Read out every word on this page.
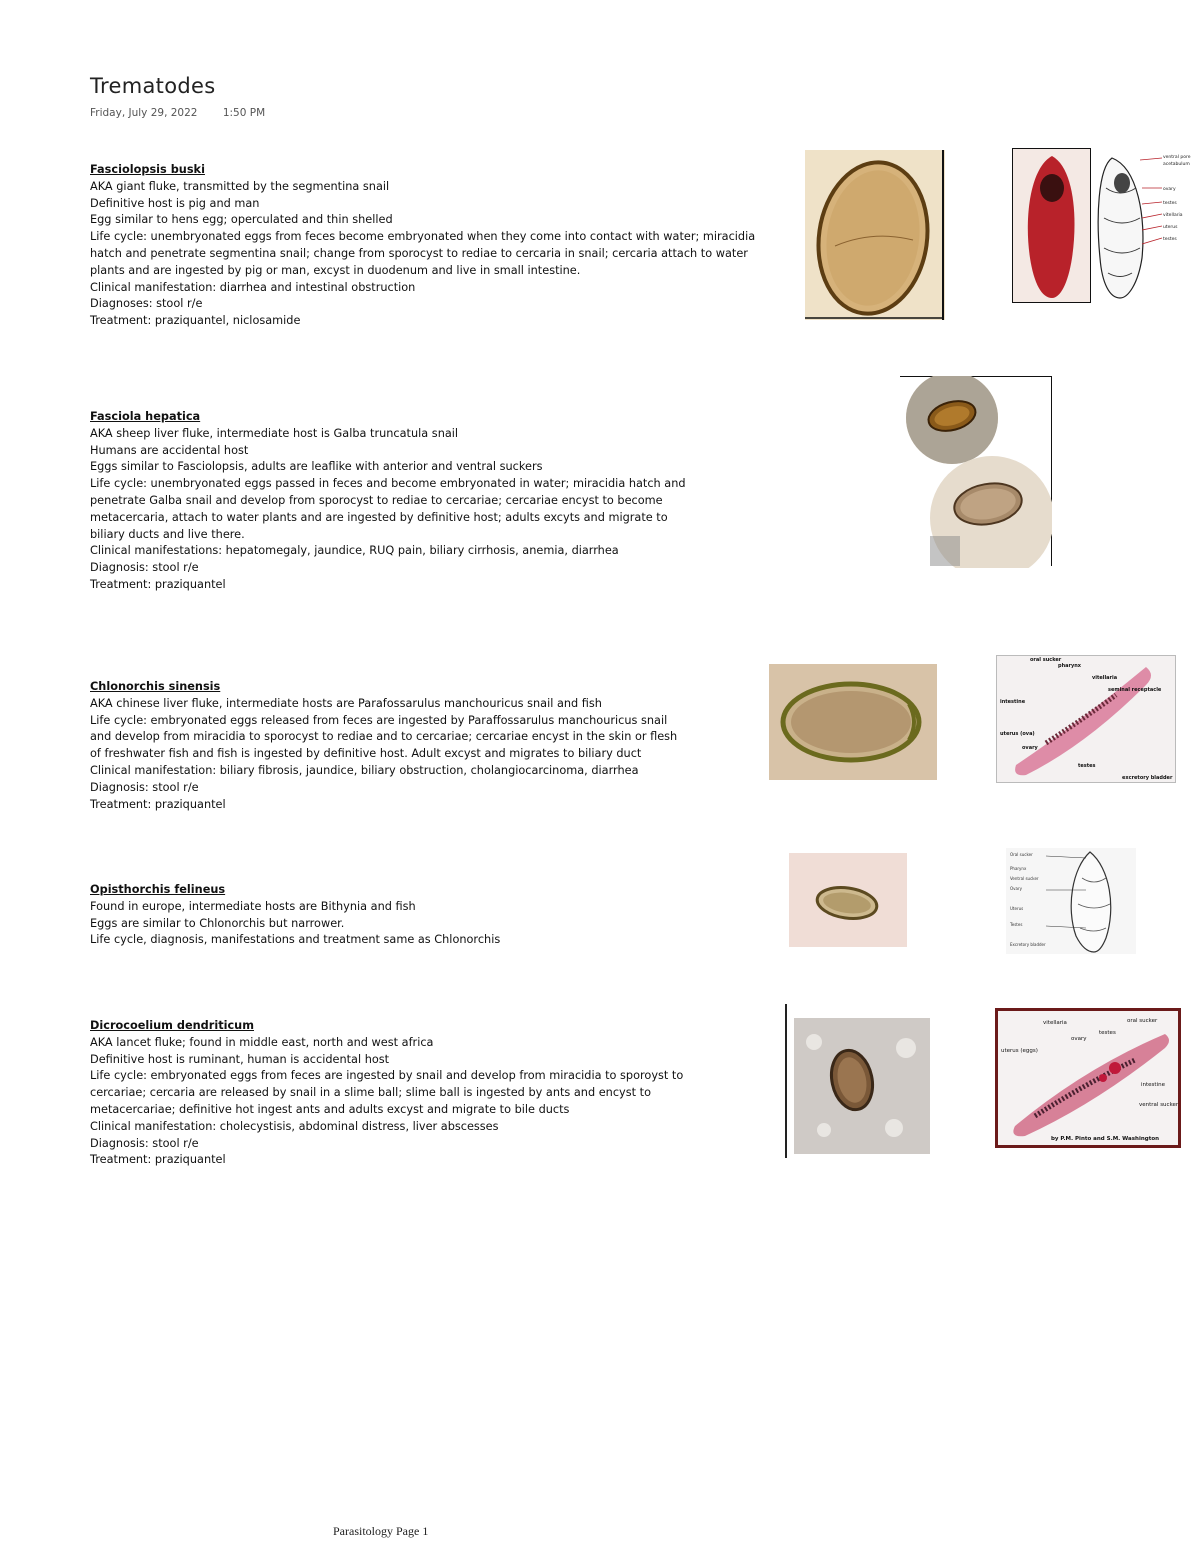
Trematodes
Friday, July 29, 2022 1:50 PM
Fasciolopsis buski
AKA giant fluke, transmitted by the segmentina snail
Definitive host is pig and man
Egg similar to hens egg; operculated and thin shelled
Life cycle: unembryonated eggs from feces become embryonated when they come into contact with water; miracidia hatch and penetrate segmentina snail; change from sporocyst to rediae to cercaria in snail; cercaria attach to water plants and are ingested by pig or man, excyst in duodenum and live in small intestine.
Clinical manifestation: diarrhea and intestinal obstruction
Diagnoses: stool r/e
Treatment: praziquantel, niclosamide
Fasciola hepatica
AKA sheep liver fluke, intermediate host is Galba truncatula snail
Humans are accidental host
Eggs similar to Fasciolopsis, adults are leaflike with anterior and ventral suckers
Life cycle: unembryonated eggs passed in feces and become embryonated in water; miracidia hatch and penetrate Galba snail and develop from sporocyst to rediae to cercariae; cercariae encyst to become metacercaria, attach to water plants and are ingested by definitive host; adults excyts and migrate to biliary ducts and live there.
Clinical manifestations: hepatomegaly, jaundice, RUQ pain, biliary cirrhosis, anemia, diarrhea
Diagnosis: stool r/e
Treatment: praziquantel
Chlonorchis sinensis
AKA chinese liver fluke, intermediate hosts are Parafossarulus manchouricus snail and fish
Life cycle: embryonated eggs released from feces are ingested by Paraffossarulus manchouricus snail and develop from miracidia to sporocyst to rediae and to cercariae; cercariae encyst in the skin or flesh of freshwater fish and fish is ingested by definitive host. Adult excyst and migrates to biliary duct
Clinical manifestation: biliary fibrosis, jaundice, biliary obstruction, cholangiocarcinoma, diarrhea
Diagnosis: stool r/e
Treatment: praziquantel
Opisthorchis felineus
Found in europe, intermediate hosts are Bithynia and fish
Eggs are similar to Chlonorchis but narrower.
Life cycle, diagnosis, manifestations and treatment same as Chlonorchis
Dicrocoelium dendriticum
AKA lancet fluke; found in middle east, north and west africa
Definitive host is ruminant, human is accidental host
Life cycle: embryonated eggs from feces are ingested by snail and develop from miracidia to sporoyst to cercariae; cercaria are released by snail in a slime ball; slime ball is ingested by ants and encyst to metacercariae; definitive hot ingest ants and adults excyst and migrate to bile ducts
Clinical manifestation: cholecystisis, abdominal distress, liver abscesses
Diagnosis: stool r/e
Treatment: praziquantel
ventral pore
acetabulum
ovary
testes
vitellaria
uterus
testes
oral sucker
pharynx
vitellaria
seminal receptacle
intestine
uterus (ova)
ovary
testes
excretory bladder
Oral sucker
Pharynx
Ventral sucker
Ovary
Uterus
Testes
Excretory bladder
vitellaria	oral sucker
ovary
testes
uterus (eggs)
intestine
ventral sucker
by P.M. Pinto and S.M. Washington
Parasitology Page 1
